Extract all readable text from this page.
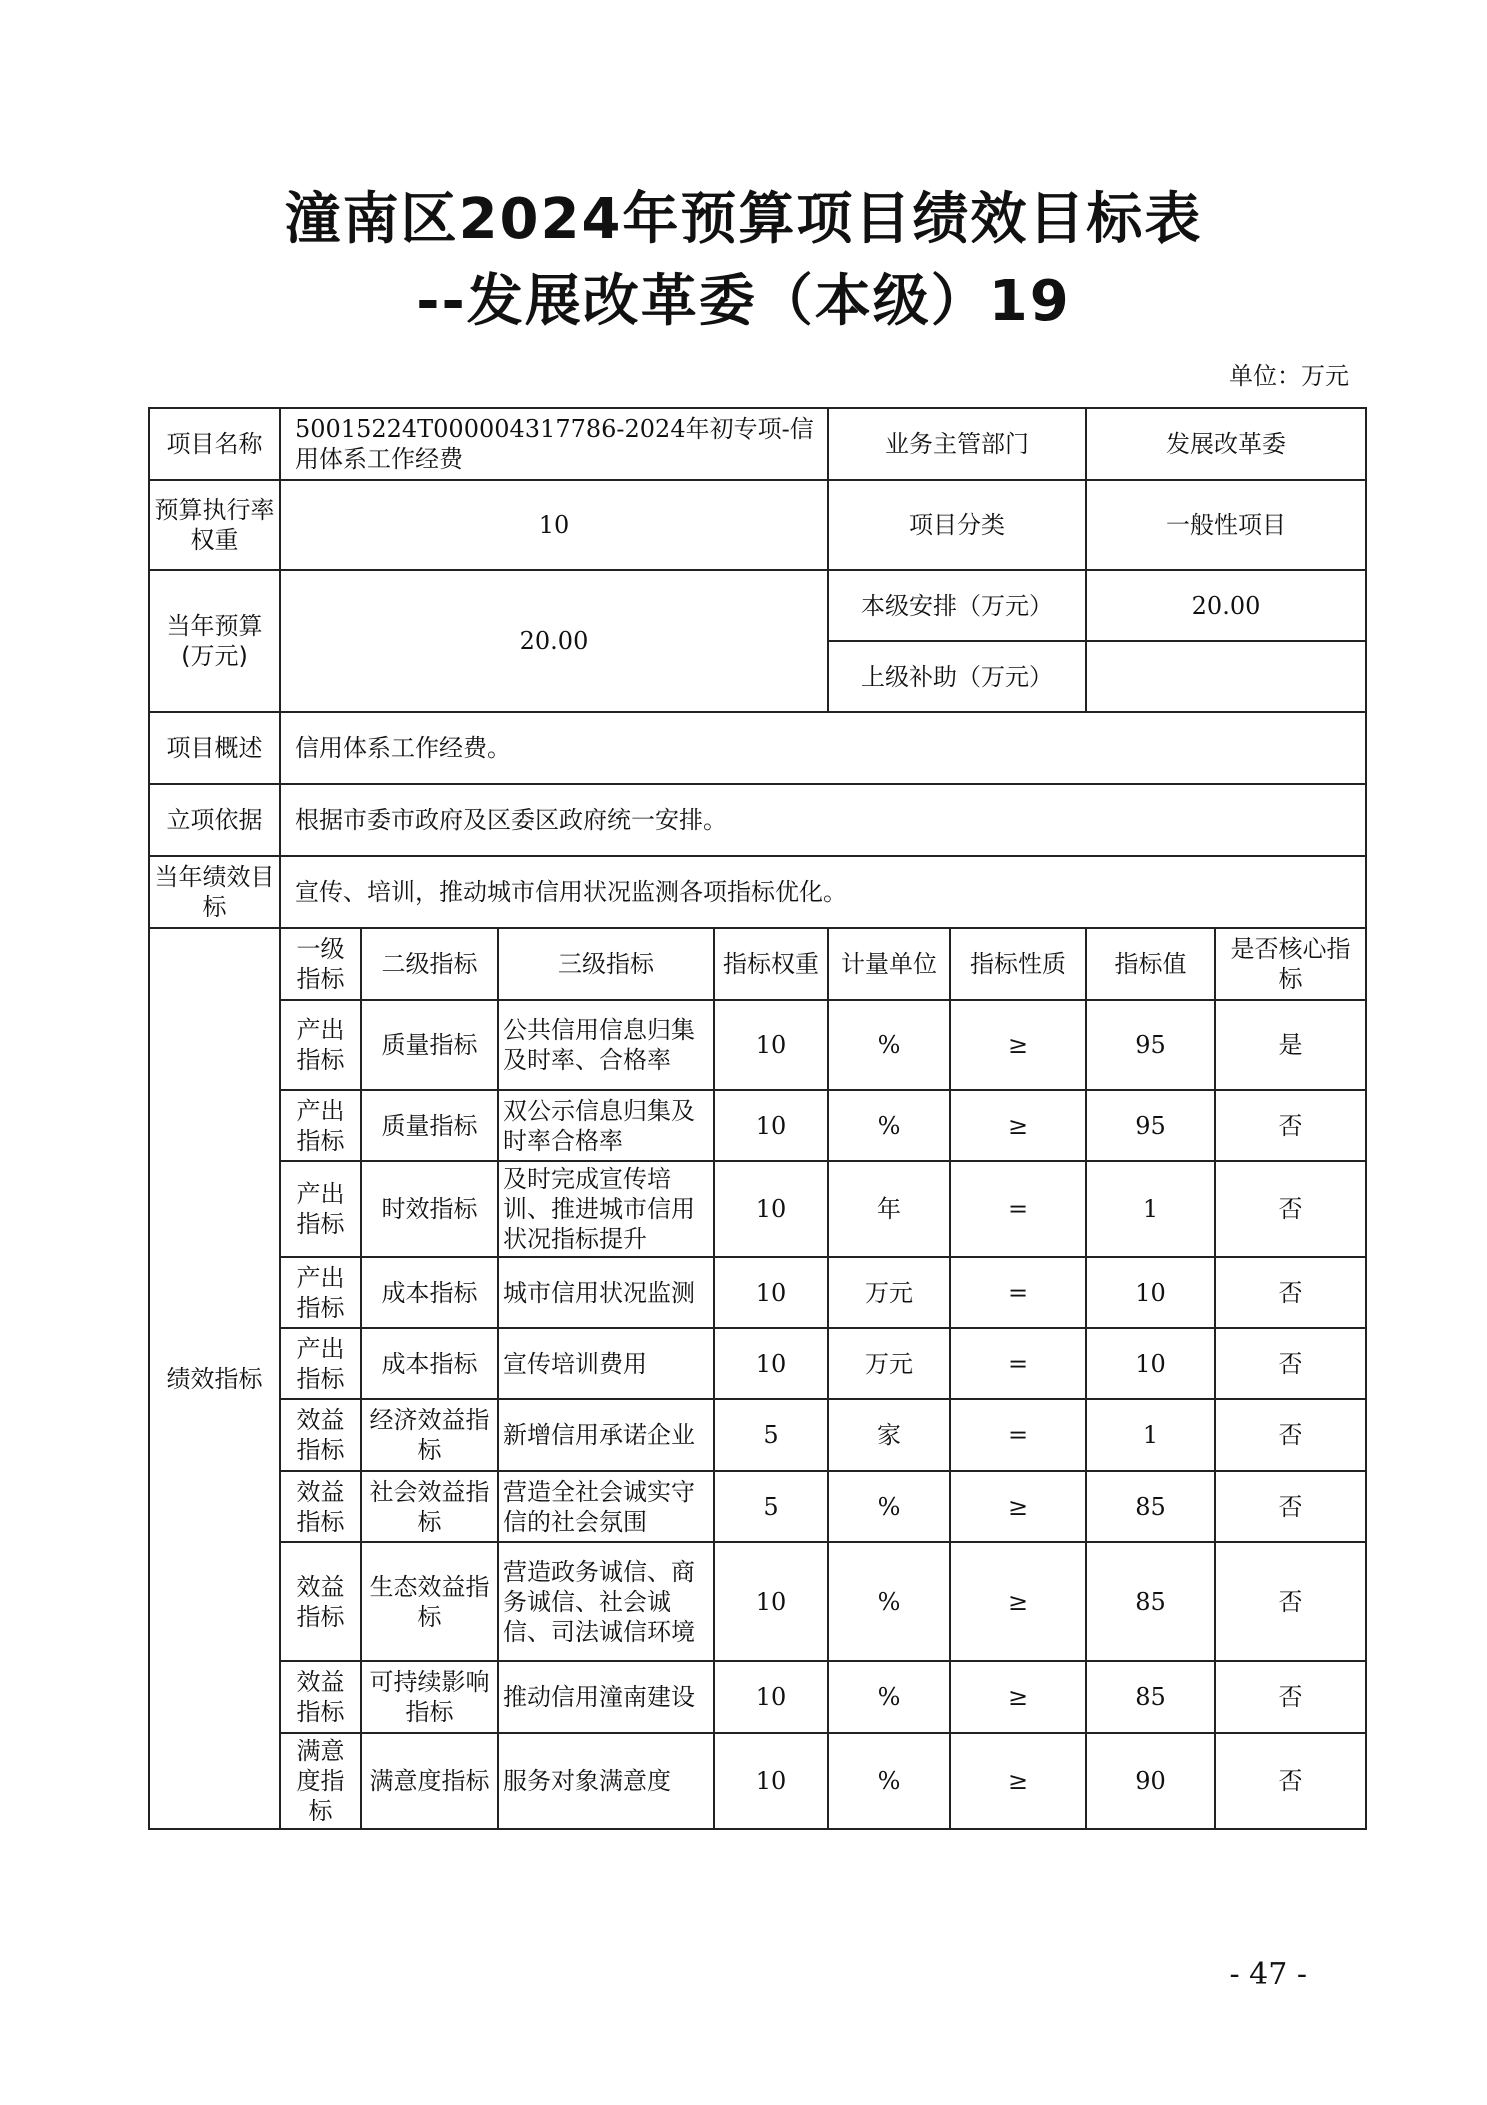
潼南区2024年预算项目绩效目标表
--发展改革委（本级）19
单位：万元
项目名称	50015224T000004317786-2024年初专项-信用体系工作经费				业务主管部门		发展改革委	
预算执行率权重	10				项目分类		一般性项目	
当年预算(万元)	20.00				本级安排（万元）		20.00	
					上级补助（万元）			
项目概述	信用体系工作经费。							
立项依据	根据市委市政府及区委区政府统一安排。							
当年绩效目标	宣传、培训，推动城市信用状况监测各项指标优化。							
绩效指标	一级指标	二级指标	三级指标	指标权重	计量单位	指标性质	指标值	是否核心指标
	产出指标	质量指标	公共信用信息归集及时率、合格率	10	%	≥	95	是
	产出指标	质量指标	双公示信息归集及时率合格率	10	%	≥	95	否
	产出指标	时效指标	及时完成宣传培训、推进城市信用状况指标提升	10	年	=	1	否
	产出指标	成本指标	城市信用状况监测	10	万元	=	10	否
	产出指标	成本指标	宣传培训费用	10	万元	=	10	否
	效益指标	经济效益指标	新增信用承诺企业	5	家	=	1	否
	效益指标	社会效益指标	营造全社会诚实守信的社会氛围	5	%	≥	85	否
	效益指标	生态效益指标	营造政务诚信、商务诚信、社会诚信、司法诚信环境	10	%	≥	85	否
	效益指标	可持续影响指标	推动信用潼南建设	10	%	≥	85	否
	满意度指标	满意度指标	服务对象满意度	10	%	≥	90	否
- 47 -
